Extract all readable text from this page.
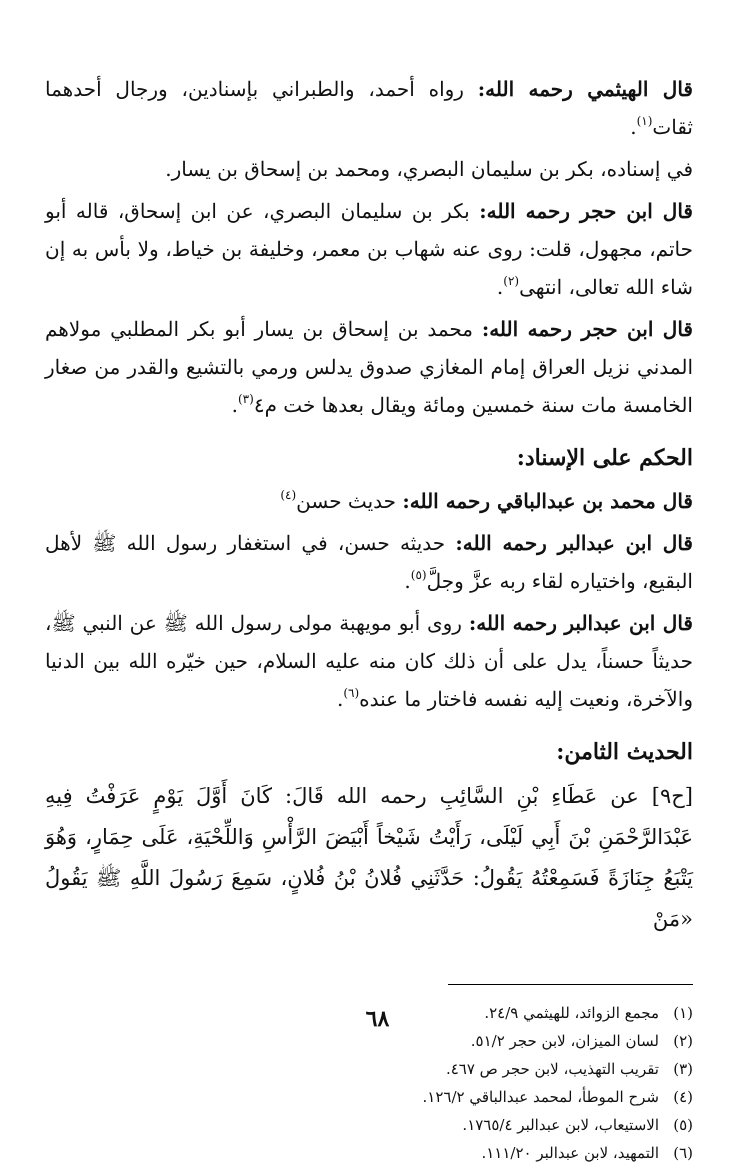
قال الهيثمي رحمه الله: رواه أحمد، والطبراني بإسنادين، ورجال أحدهما ثقات$^{(١)}$.

في إسناده، بكر بن سليمان البصري، ومحمد بن إسحاق بن يسار.

قال ابن حجر رحمه الله: بكر بن سليمان البصري، عن ابن إسحاق، قاله أبو حاتم، مجهول، قلت: روى عنه شهاب بن معمر، وخليفة بن خياط، ولا بأس به إن شاء الله تعالى، انتهى$^{(٢)}$.

قال ابن حجر رحمه الله: محمد بن إسحاق بن يسار أبو بكر المطلبي مولاهم المدني نزيل العراق إمام المغازي صدوق يدلس ورمي بالتشيع والقدر من صغار الخامسة مات سنة خمسين ومائة ويقال بعدها خت م٤$^{(٣)}$.

الحكم على الإسناد:

قال محمد بن عبدالباقي رحمه الله: حديث حسن$^{(٤)}$

قال ابن عبدالبر رحمه الله: حديثه حسن، في استغفار رسول الله ﷺ لأهل البقيع، واختياره لقاء ربه عزَّ وجلَّ$^{(٥)}$.

قال ابن عبدالبر رحمه الله: روى أبو مويهبة مولى رسول الله ﷺ عن النبي ﷺ، حديثاً حسناً، يدل على أن ذلك كان منه عليه السلام، حين خيّره الله بين الدنيا والآخرة، ونعيت إليه نفسه فاختار ما عنده$^{(٦)}$.

الحديث الثامن:

[ح٩] عن عَطَاءِ بْنِ السَّائِبِ رحمه الله قَالَ: كَانَ أَوَّلَ يَوْمٍ عَرَفْتُ فِيهِ عَبْدَالرَّحْمَنِ بْنَ أَبِي لَيْلَى، رَأَيْتُ شَيْخاً أَبْيَضَ الرَّأْسِ وَاللِّحْيَةِ، عَلَى حِمَارٍ، وَهُوَ يَتْبَعُ جِنَازَةً فَسَمِعْتُهُ يَقُولُ: حَدَّثَنِي فُلانُ بْنُ فُلانٍ، سَمِعَ رَسُولَ اللَّهِ ﷺ يَقُولُ «مَنْ

(١)
مجمع الزوائد، للهيثمي ٢٤/٩.
(٢)
لسان الميزان، لابن حجر ٥١/٢.
(٣)
تقريب التهذيب، لابن حجر ص ٤٦٧.
(٤)
شرح الموطأ، لمحمد عبدالباقي ١٢٦/٢.
(٥)
الاستيعاب، لابن عبدالبر ١٧٦٥/٤.
(٦)
التمهيد، لابن عبدالبر ١١١/٢٠.
٦٨
